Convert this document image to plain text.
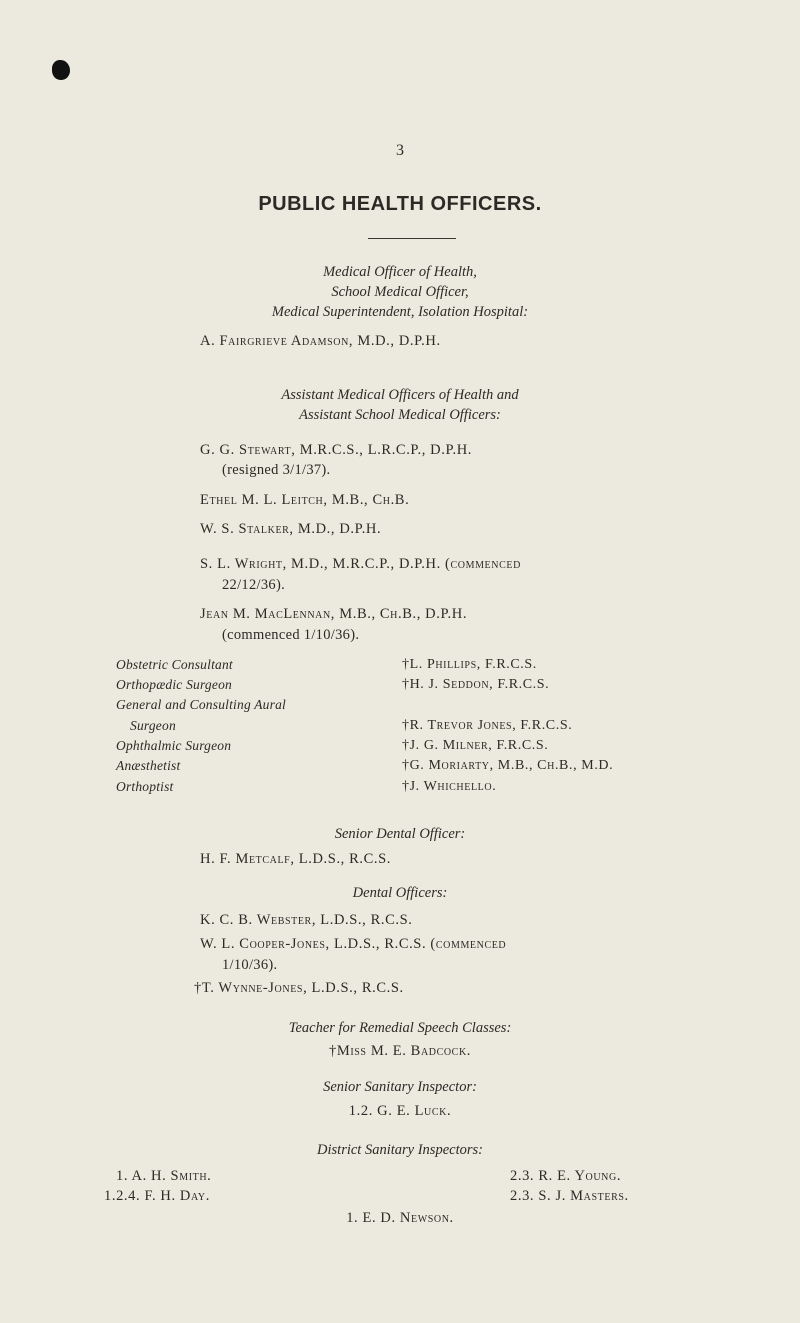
3
PUBLIC HEALTH OFFICERS.
Medical Officer of Health,
School Medical Officer,
Medical Superintendent, Isolation Hospital:
A. Fairgrieve Adamson, M.D., D.P.H.
Assistant Medical Officers of Health and
Assistant School Medical Officers:
G. G. Stewart, M.R.C.S., L.R.C.P., D.P.H.
(resigned 3/1/37).
Ethel M. L. Leitch, M.B., Ch.B.
W. S. Stalker, M.D., D.P.H.
S. L. Wright, M.D., M.R.C.P., D.P.H. (commenced
22/12/36).
Jean M. MacLennan, M.B., Ch.B., D.P.H.
(commenced 1/10/36).
Obstetric Consultant	†L. Phillips, F.R.C.S.
Orthopædic Surgeon	†H. J. Seddon, F.R.C.S.
General and Consulting Aural
Surgeon	†R. Trevor Jones, F.R.C.S.
Ophthalmic Surgeon	†J. G. Milner, F.R.C.S.
Anæsthetist	†G. Moriarty, M.B., Ch.B., M.D.
Orthoptist	†J. Whichello.
Senior Dental Officer:
H. F. Metcalf, L.D.S., R.C.S.
Dental Officers:
K. C. B. Webster, L.D.S., R.C.S.
W. L. Cooper-Jones, L.D.S., R.C.S. (commenced
1/10/36).
†T. Wynne-Jones, L.D.S., R.C.S.
Teacher for Remedial Speech Classes:
†Miss M. E. Badcock.
Senior Sanitary Inspector:
1.2. G. E. Luck.
District Sanitary Inspectors:
1. A. H. Smith.
1.2.4. F. H. Day.
2.3. R. E. Young.
2.3. S. J. Masters.
1. E. D. Newson.
